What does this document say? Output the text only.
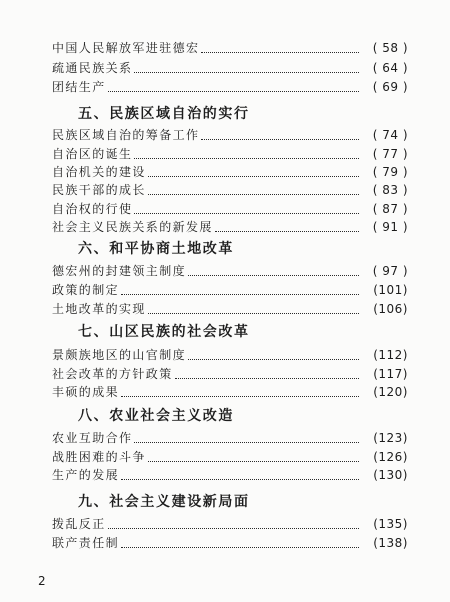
中国人民解放军进驻德宏	( 58 )
疏通民族关系	( 64 )
团结生产	( 69 )
五、民族区域自治的实行
民族区域自治的筹备工作	( 74 )
自治区的诞生	( 77 )
自治机关的建设	( 79 )
民族干部的成长	( 83 )
自治权的行使	( 87 )
社会主义民族关系的新发展	( 91 )
六、和平协商土地改革
德宏州的封建领主制度	( 97 )
政策的制定	(101)
土地改革的实现	(106)
七、山区民族的社会改革
景颇族地区的山官制度	(112)
社会改革的方针政策	(117)
丰硕的成果	(120)
八、农业社会主义改造
农业互助合作	(123)
战胜困难的斗争	(126)
生产的发展	(130)
九、社会主义建设新局面
拨乱反正	(135)
联产责任制	(138)
2
